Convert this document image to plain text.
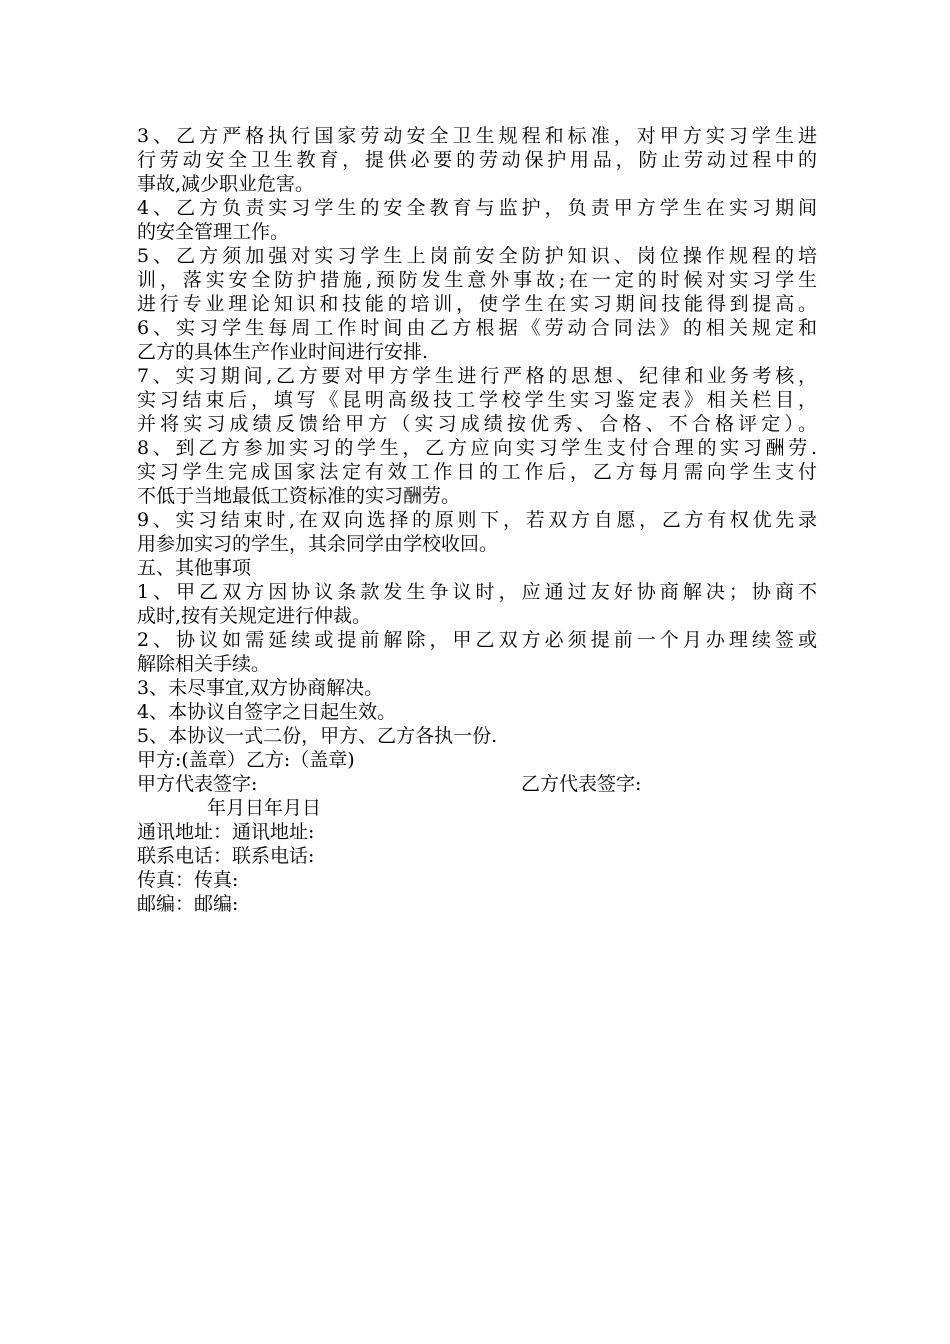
3、乙方严格执行国家劳动安全卫生规程和标准，对甲方实习学生进
行劳动安全卫生教育，提供必要的劳动保护用品，防止劳动过程中的
事故,减少职业危害。
4、乙方负责实习学生的安全教育与监护，负责甲方学生在实习期间
的安全管理工作。
5、乙方须加强对实习学生上岗前安全防护知识、岗位操作规程的培
训，落实安全防护措施,预防发生意外事故;在一定的时候对实习学生
进行专业理论知识和技能的培训，使学生在实习期间技能得到提高。
6、实习学生每周工作时间由乙方根据《劳动合同法》的相关规定和
乙方的具体生产作业时间进行安排.
7、实习期间,乙方要对甲方学生进行严格的思想、纪律和业务考核，
实习结束后，填写《昆明高级技工学校学生实习鉴定表》相关栏目，
并将实习成绩反馈给甲方（实习成绩按优秀、合格、不合格评定）。
8、到乙方参加实习的学生，乙方应向实习学生支付合理的实习酬劳.
实习学生完成国家法定有效工作日的工作后，乙方每月需向学生支付
不低于当地最低工资标准的实习酬劳。
9、实习结束时,在双向选择的原则下，若双方自愿，乙方有权优先录
用参加实习的学生，其余同学由学校收回。
五、其他事项
1、甲乙双方因协议条款发生争议时，应通过友好协商解决；协商不
成时,按有关规定进行仲裁。
2、协议如需延续或提前解除，甲乙双方必须提前一个月办理续签或
解除相关手续。
3、未尽事宜,双方协商解决。
4、本协议自签字之日起生效。
5、本协议一式二份，甲方、乙方各执一份.
甲方:(盖章）乙方:（盖章)
甲方代表签字:	乙方代表签字:
年月日年月日
通讯地址：通讯地址:
联系电话：联系电话:
传真：传真:
邮编：邮编:
